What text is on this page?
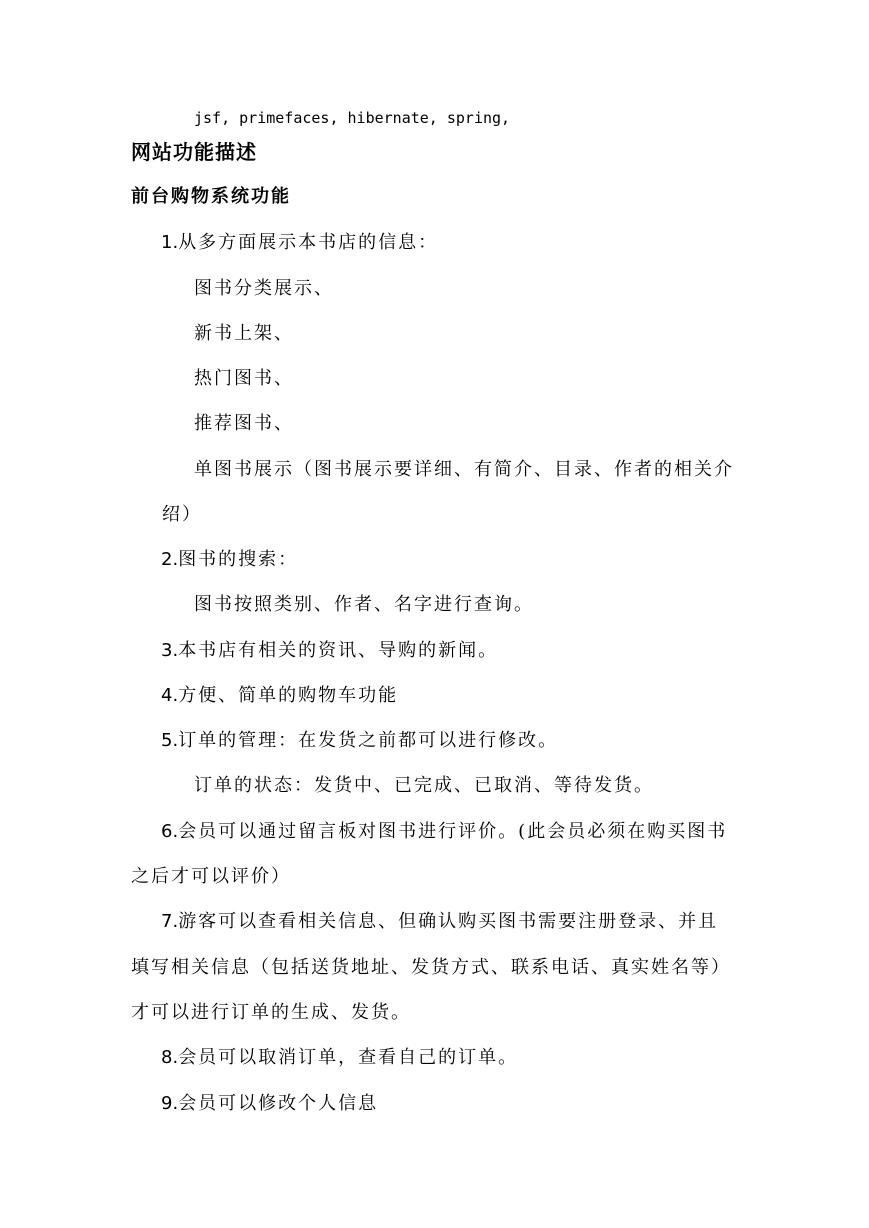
jsf, primefaces, hibernate, spring,
网站功能描述
前台购物系统功能
1.从多方面展示本书店的信息：
图书分类展示、
新书上架、
热门图书、
推荐图书、
单图书展示（图书展示要详细、有简介、目录、作者的相关介
绍）
2.图书的搜索：
图书按照类别、作者、名字进行查询。
3.本书店有相关的资讯、导购的新闻。
4.方便、简单的购物车功能
5.订单的管理：在发货之前都可以进行修改。
订单的状态：发货中、已完成、已取消、等待发货。
6.会员可以通过留言板对图书进行评价。(此会员必须在购买图书
之后才可以评价）
7.游客可以查看相关信息、但确认购买图书需要注册登录、并且
填写相关信息（包括送货地址、发货方式、联系电话、真实姓名等）
才可以进行订单的生成、发货。
8.会员可以取消订单，查看自己的订单。
9.会员可以修改个人信息
